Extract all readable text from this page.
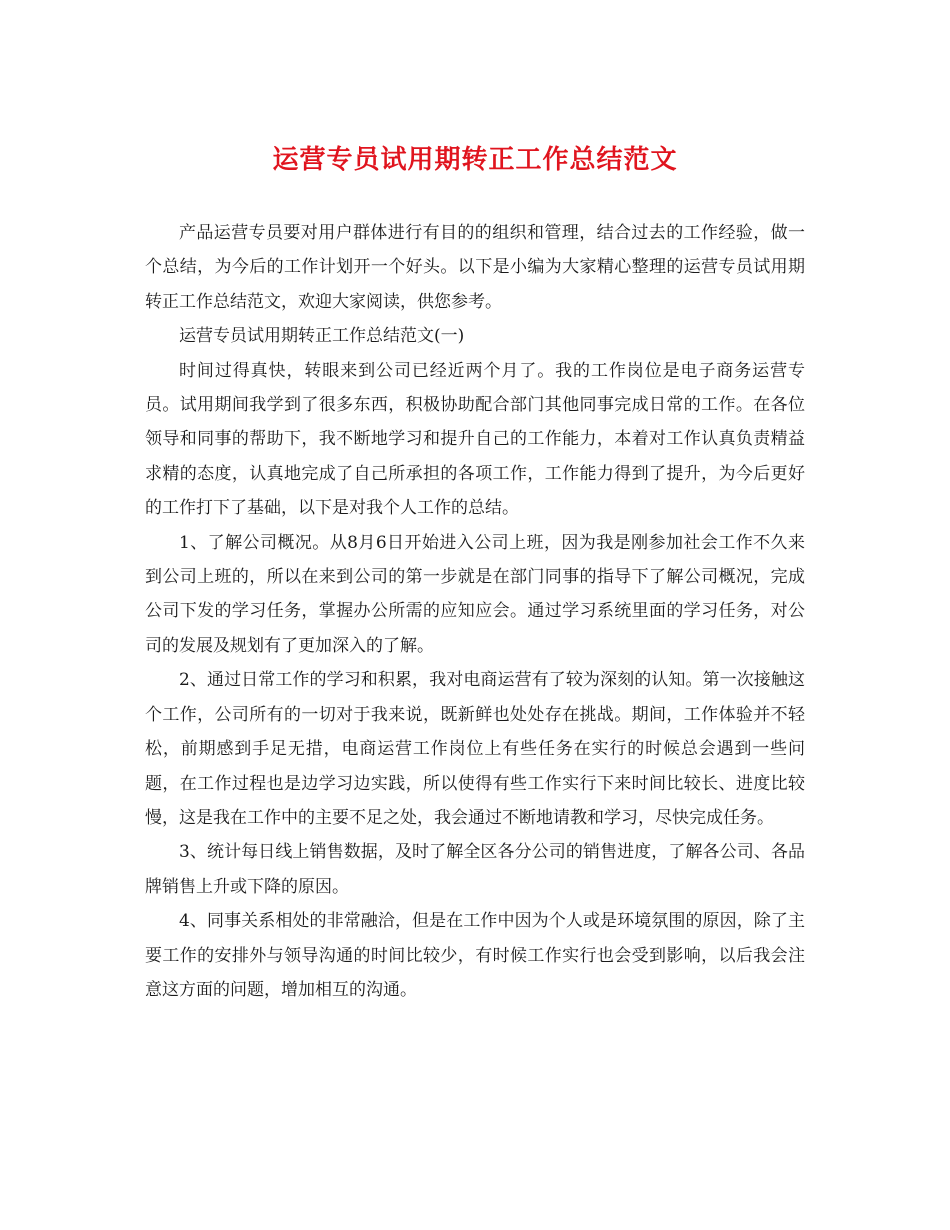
运营专员试用期转正工作总结范文

产品运营专员要对用户群体进行有目的的组织和管理，结合过去的工作经验，做一个总结，为今后的工作计划开一个好头。以下是小编为大家精心整理的运营专员试用期转正工作总结范文，欢迎大家阅读，供您参考。

运营专员试用期转正工作总结范文(一)

时间过得真快，转眼来到公司已经近两个月了。我的工作岗位是电子商务运营专员。试用期间我学到了很多东西，积极协助配合部门其他同事完成日常的工作。在各位领导和同事的帮助下，我不断地学习和提升自己的工作能力，本着对工作认真负责精益求精的态度，认真地完成了自己所承担的各项工作，工作能力得到了提升，为今后更好的工作打下了基础，以下是对我个人工作的总结。

1、了解公司概况。从8月6日开始进入公司上班，因为我是刚参加社会工作不久来到公司上班的，所以在来到公司的第一步就是在部门同事的指导下了解公司概况，完成公司下发的学习任务，掌握办公所需的应知应会。通过学习系统里面的学习任务，对公司的发展及规划有了更加深入的了解。

2、通过日常工作的学习和积累，我对电商运营有了较为深刻的认知。第一次接触这个工作，公司所有的一切对于我来说，既新鲜也处处存在挑战。期间，工作体验并不轻松，前期感到手足无措，电商运营工作岗位上有些任务在实行的时候总会遇到一些问题，在工作过程也是边学习边实践，所以使得有些工作实行下来时间比较长、进度比较慢，这是我在工作中的主要不足之处，我会通过不断地请教和学习，尽快完成任务。

3、统计每日线上销售数据，及时了解全区各分公司的销售进度，了解各公司、各品牌销售上升或下降的原因。

4、同事关系相处的非常融洽，但是在工作中因为个人或是环境氛围的原因，除了主要工作的安排外与领导沟通的时间比较少，有时候工作实行也会受到影响，以后我会注意这方面的问题，增加相互的沟通。
